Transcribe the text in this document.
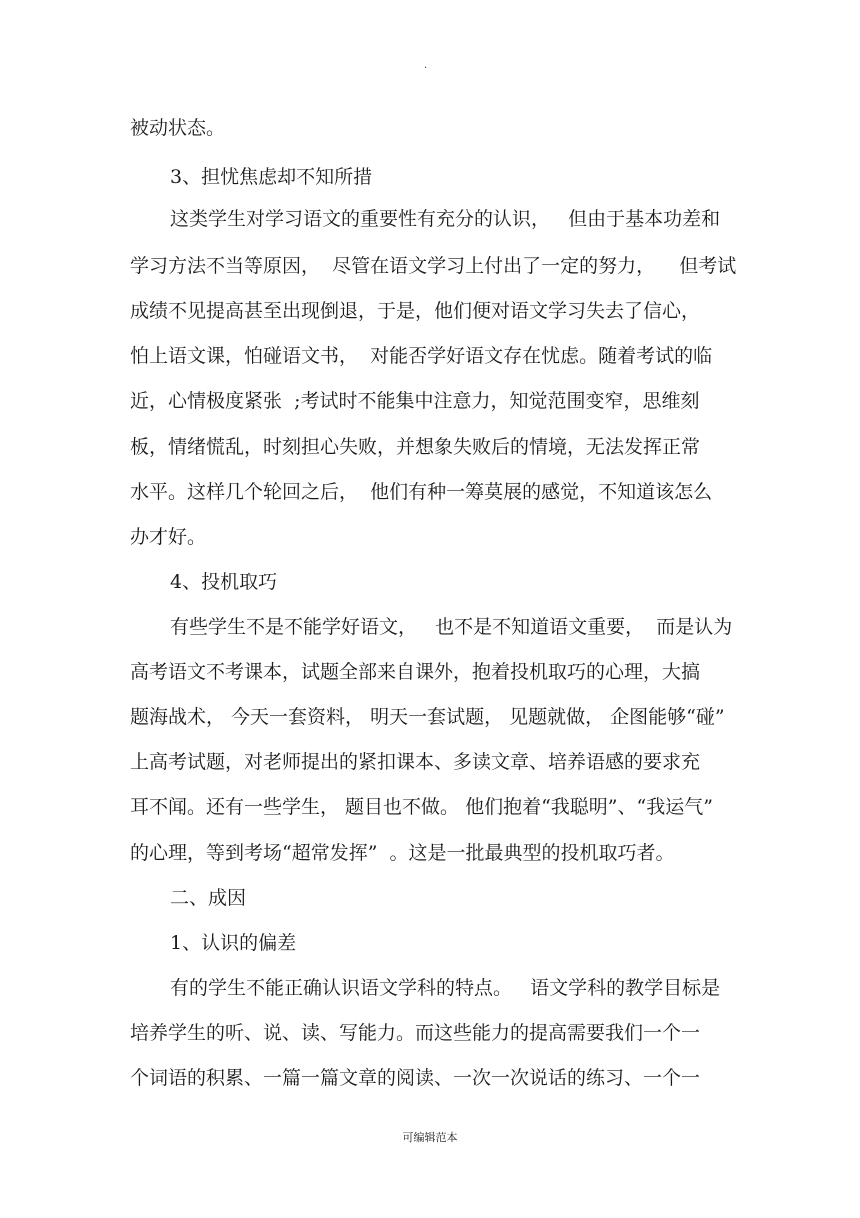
.
被动状态。
3、担忧焦虑却不知所措
这类学生对学习语文的重要性有充分的认识，   但由于基本功差和
学习方法不当等原因，  尽管在语文学习上付出了一定的努力，    但考试
成绩不见提高甚至出现倒退，于是，他们便对语文学习失去了信心，
怕上语文课，怕碰语文书，  对能否学好语文存在忧虑。随着考试的临
近，心情极度紧张  ;考试时不能集中注意力，知觉范围变窄，思维刻
板，情绪慌乱，时刻担心失败，并想象失败后的情境，无法发挥正常
水平。这样几个轮回之后，  他们有种一筹莫展的感觉，不知道该怎么
办才好。
4、投机取巧
有些学生不是不能学好语文，   也不是不知道语文重要，  而是认为
高考语文不考课本，试题全部来自课外，抱着投机取巧的心理，大搞
题海战术， 今天一套资料， 明天一套试题， 见题就做， 企图能够“碰”
上高考试题，对老师提出的紧扣课本、多读文章、培养语感的要求充
耳不闻。还有一些学生， 题目也不做。 他们抱着“我聪明”、“我运气”
的心理，等到考场“超常发挥”  。这是一批最典型的投机取巧者。
二、成因
1、认识的偏差
有的学生不能正确认识语文学科的特点。   语文学科的教学目标是
培养学生的听、说、读、写能力。而这些能力的提高需要我们一个一
个词语的积累、一篇一篇文章的阅读、一次一次说话的练习、一个一
可编辑范本
